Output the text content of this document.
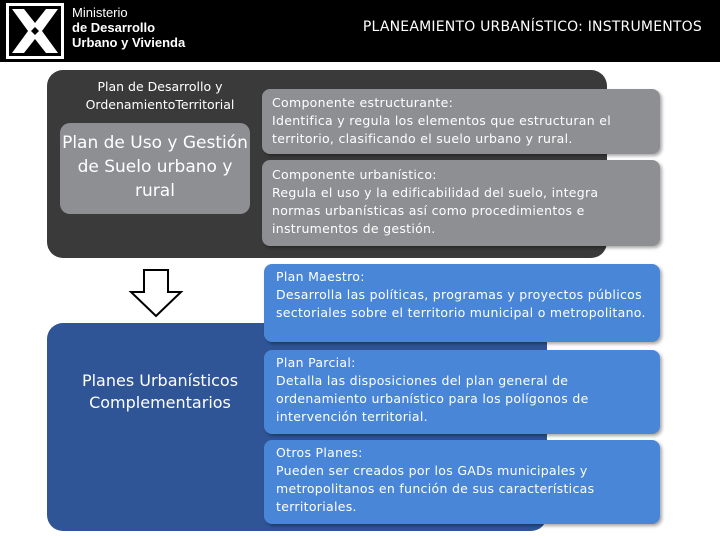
Ministerio
de Desarrollo
Urbano y Vivienda
PLANEAMIENTO URBANÍSTICO: INSTRUMENTOS
Plan de Desarrollo y OrdenamientoTerritorial
Plan de Uso y Gestión de Suelo urbano y rural
Componente estructurante:
Identifica y regula los elementos que estructuran el territorio, clasificando el suelo urbano y rural.
Componente urbanístico:
Regula el uso y la edificabilidad del suelo, integra normas urbanísticas así como procedimientos e instrumentos de gestión.
Planes Urbanísticos Complementarios
Plan Maestro:
Desarrolla las políticas, programas y proyectos públicos sectoriales sobre el territorio municipal o metropolitano.
Plan Parcial:
Detalla las disposiciones del plan general de ordenamiento urbanístico para los polígonos de intervención territorial.
Otros Planes:
Pueden ser creados por los GADs municipales y metropolitanos en función de sus características territoriales.
